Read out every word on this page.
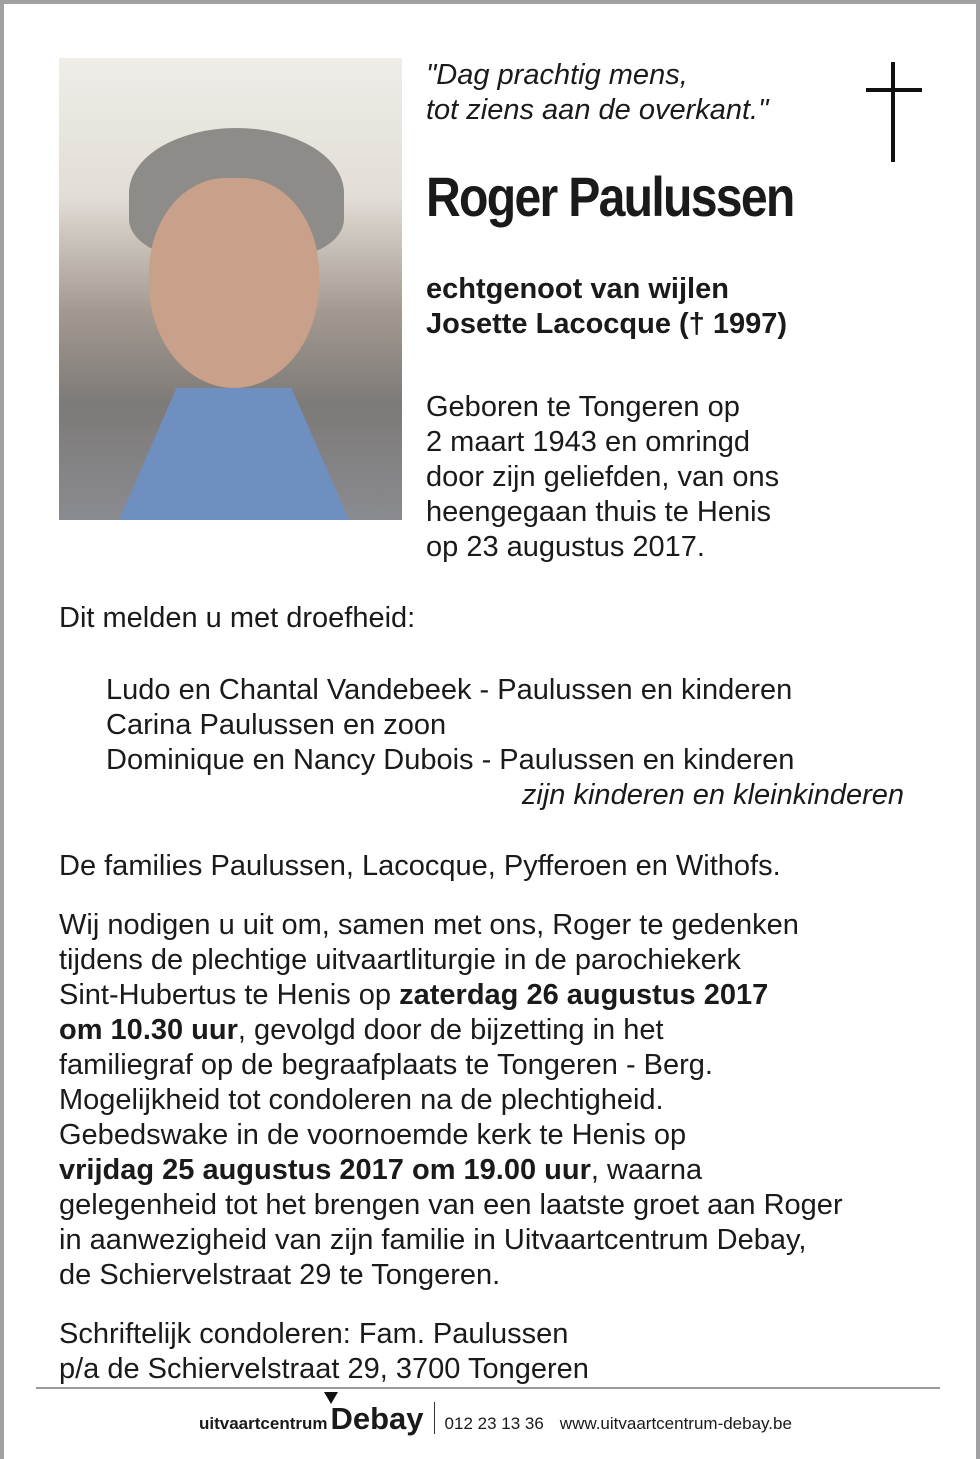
"Dag prachtig mens,
tot ziens aan de overkant."
Roger Paulussen
echtgenoot van wijlen
Josette Lacocque († 1997)
Geboren te Tongeren op
2 maart 1943 en omringd
door zijn geliefden, van ons
heengegaan thuis te Henis
op 23 augustus 2017.
Dit melden u met droefheid:
Ludo en Chantal Vandebeek - Paulussen en kinderen
Carina Paulussen en zoon
Dominique en Nancy Dubois - Paulussen en kinderen
zijn kinderen en kleinkinderen
De families Paulussen, Lacocque, Pyfferoen en Withofs.
Wij nodigen u uit om, samen met ons, Roger te gedenken
tijdens de plechtige uitvaartliturgie in de parochiekerk
Sint-Hubertus te Henis op zaterdag 26 augustus 2017
om 10.30 uur, gevolgd door de bijzetting in het
familiegraf op de begraafplaats te Tongeren - Berg.
Mogelijkheid tot condoleren na de plechtigheid.
Gebedswake in de voornoemde kerk te Henis op
vrijdag 25 augustus 2017 om 19.00 uur, waarna
gelegenheid tot het brengen van een laatste groet aan Roger
in aanwezigheid van zijn familie in Uitvaartcentrum Debay,
de Schiervelstraat 29 te Tongeren.
Schriftelijk condoleren: Fam. Paulussen
p/a de Schiervelstraat 29, 3700 Tongeren
uitvaartcentrum Debay 012 23 13 36 www.uitvaartcentrum-debay.be
